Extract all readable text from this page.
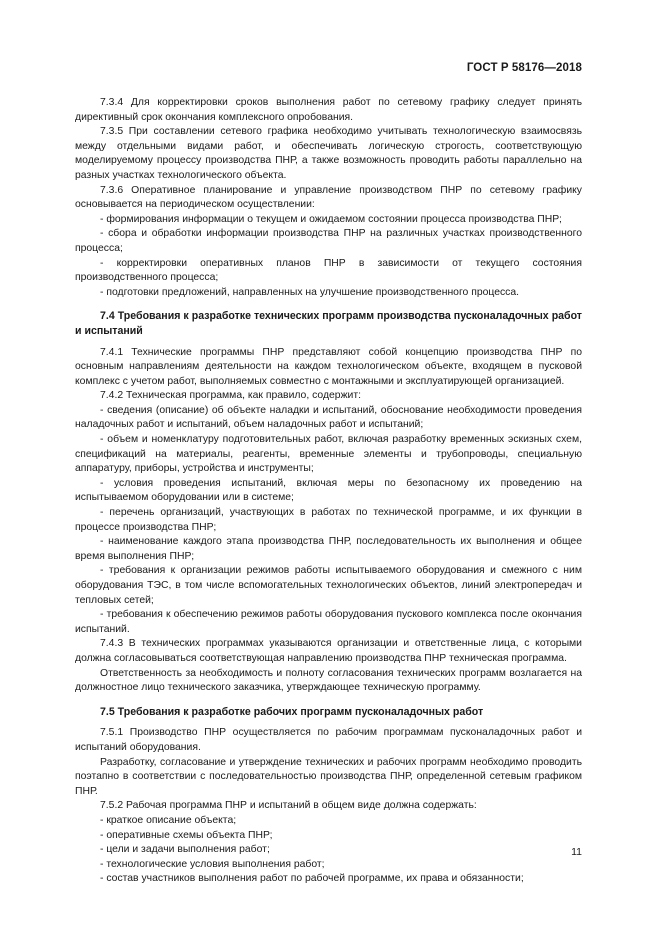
ГОСТ Р 58176—2018

7.3.4 Для корректировки сроков выполнения работ по сетевому графику следует принять директивный срок окончания комплексного опробования.

7.3.5 При составлении сетевого графика необходимо учитывать технологическую взаимосвязь между отдельными видами работ, и обеспечивать логическую строгость, соответствующую моделируемому процессу производства ПНР, а также возможность проводить работы параллельно на разных участках технологического объекта.

7.3.6 Оперативное планирование и управление производством ПНР по сетевому графику основывается на периодическом осуществлении:

- формирования информации о текущем и ожидаемом состоянии процесса производства ПНР;

- сбора и обработки информации производства ПНР на различных участках производственного процесса;

- корректировки оперативных планов ПНР в зависимости от текущего состояния производственного процесса;

- подготовки предложений, направленных на улучшение производственного процесса.

7.4 Требования к разработке технических программ производства пусконаладочных работ и испытаний

7.4.1 Технические программы ПНР представляют собой концепцию производства ПНР по основным направлениям деятельности на каждом технологическом объекте, входящем в пусковой комплекс с учетом работ, выполняемых совместно с монтажными и эксплуатирующей организацией.

7.4.2 Техническая программа, как правило, содержит:

- сведения (описание) об объекте наладки и испытаний, обоснование необходимости проведения наладочных работ и испытаний, объем наладочных работ и испытаний;

- объем и номенклатуру подготовительных работ, включая разработку временных эскизных схем, спецификаций на материалы, реагенты, временные элементы и трубопроводы, специальную аппаратуру, приборы, устройства и инструменты;

- условия проведения испытаний, включая меры по безопасному их проведению на испытываемом оборудовании или в системе;

- перечень организаций, участвующих в работах по технической программе, и их функции в процессе производства ПНР;

- наименование каждого этапа производства ПНР, последовательность их выполнения и общее время выполнения ПНР;

- требования к организации режимов работы испытываемого оборудования и смежного с ним оборудования ТЭС, в том числе вспомогательных технологических объектов, линий электропередач и тепловых сетей;

- требования к обеспечению режимов работы оборудования пускового комплекса после окончания испытаний.

7.4.3 В технических программах указываются организации и ответственные лица, с которыми должна согласовываться соответствующая направлению производства ПНР техническая программа.

Ответственность за необходимость и полноту согласования технических программ возлагается на должностное лицо технического заказчика, утверждающее техническую программу.

7.5 Требования к разработке рабочих программ пусконаладочных работ

7.5.1 Производство ПНР осуществляется по рабочим программам пусконаладочных работ и испытаний оборудования.

Разработку, согласование и утверждение технических и рабочих программ необходимо проводить поэтапно в соответствии с последовательностью производства ПНР, определенной сетевым графиком ПНР.

7.5.2 Рабочая программа ПНР и испытаний в общем виде должна содержать:

- краткое описание объекта;

- оперативные схемы объекта ПНР;

- цели и задачи выполнения работ;

- технологические условия выполнения работ;

- состав участников выполнения работ по рабочей программе, их права и обязанности;

11
